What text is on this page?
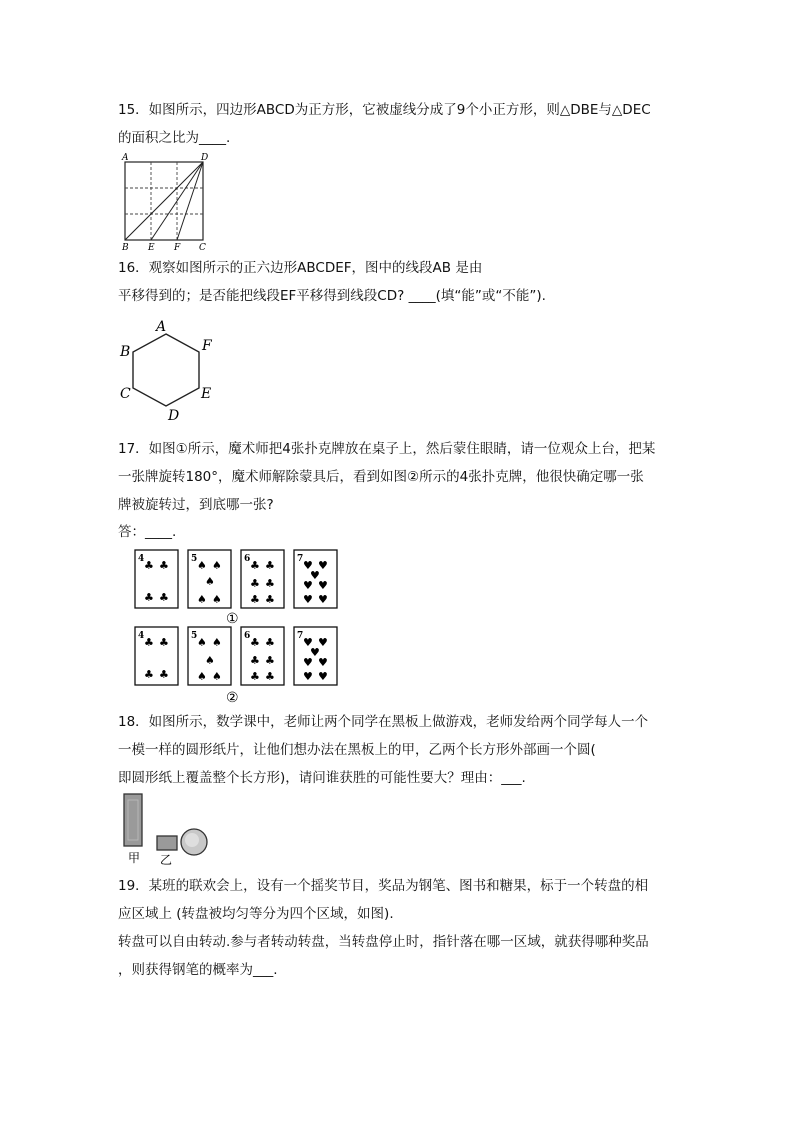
15．如图所示，四边形ABCD为正方形，它被虚线分成了9个小正方形，则△DBE与△DEC
的面积之比为____.
A	D
B E F C
16．观察如图所示的正六边形ABCDEF，图中的线段AB 是由
平移得到的；是否能把线段EF平移得到线段CD? ____(填“能”或“不能”).
A
B
C
D
E
F
17．如图①所示，魔术师把4张扑克牌放在桌子上，然后蒙住眼睛，请一位观众上台，把某
一张牌旋转180°，魔术师解除蒙具后，看到如图②所示的4张扑克牌，他很快确定哪一张
牌被旋转过，到底哪一张?
答：____.
4 ♣ ♣
♣ ♣
5 ♠ ♠
♠
♠ ♠
6 ♣ ♣
♣ ♣
♣ ♣
7 ♥ ♥
♥
♥ ♥
♥ ♥
①
4 ♣ ♣
♣ ♣
5 ♠ ♠
♠
♠ ♠
6 ♣ ♣
♣ ♣
♣ ♣
7 ♥ ♥
♥
♥ ♥
♥ ♥
②
18．如图所示，数学课中，老师让两个同学在黑板上做游戏，老师发给两个同学每人一个
一模一样的圆形纸片，让他们想办法在黑板上的甲，乙两个长方形外部画一个圆(
即圆形纸上覆盖整个长方形)，请问谁获胜的可能性要大？理由：___.
甲 乙
19．某班的联欢会上，设有一个摇奖节目，奖品为钢笔、图书和糖果，标于一个转盘的相
应区域上 (转盘被均匀等分为四个区域，如图).
转盘可以自由转动.参与者转动转盘，当转盘停止时，指针落在哪一区域，就获得哪种奖品
，则获得钢笔的概率为___.
